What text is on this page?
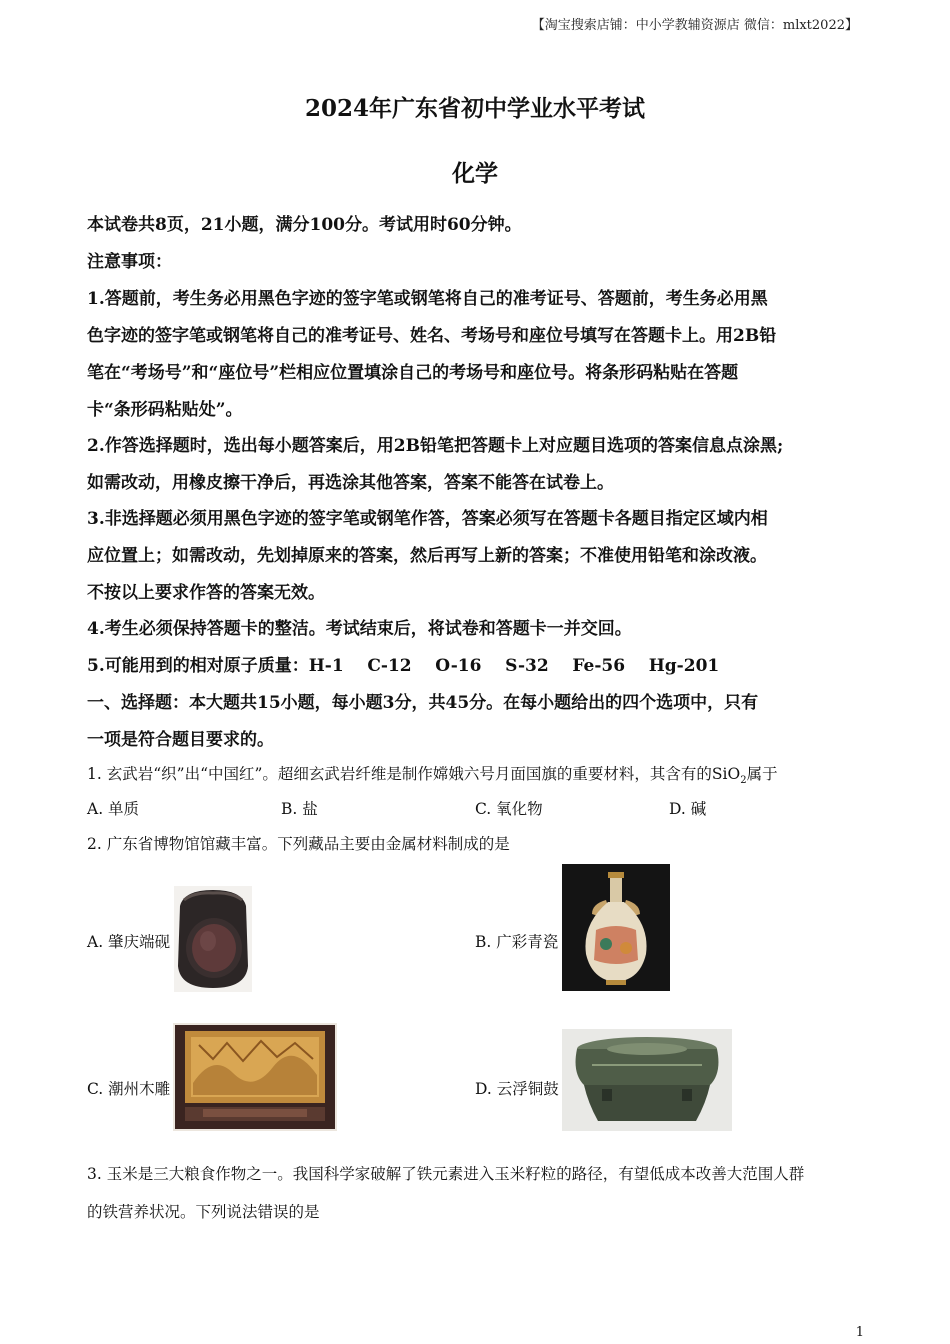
【淘宝搜索店铺：中小学教辅资源店 微信：mlxt2022】
2024年广东省初中学业水平考试
化学
本试卷共8页，21小题，满分100分。考试用时60分钟。
注意事项：
1.答题前，考生务必用黑色字迹的签字笔或钢笔将自己的准考证号、答题前，考生务必用黑
色字迹的签字笔或钢笔将自己的准考证号、姓名、考场号和座位号填写在答题卡上。用2B铅
笔在“考场号”和“座位号”栏相应位置填涂自己的考场号和座位号。将条形码粘贴在答题
卡“条形码粘贴处”。
2.作答选择题时，选出每小题答案后，用2B铅笔把答题卡上对应题目选项的答案信息点涂黑;
如需改动，用橡皮擦干净后，再选涂其他答案，答案不能答在试卷上。
3.非选择题必须用黑色字迹的签字笔或钢笔作答，答案必须写在答题卡各题目指定区域内相
应位置上；如需改动，先划掉原来的答案，然后再写上新的答案；不准使用铅笔和涂改液。
不按以上要求作答的答案无效。
4.考生必须保持答题卡的整洁。考试结束后，将试卷和答题卡一并交回。
5.可能用到的相对原子质量：H-1    C-12    O-16    S-32    Fe-56    Hg-201
一、选择题：本大题共15小题，每小题3分，共45分。在每小题给出的四个选项中，只有
一项是符合题目要求的。
1. 玄武岩“织”出“中国红”。超细玄武岩纤维是制作嫦娥六号月面国旗的重要材料，其含有的SiO$_2$属于
A. 单质	B. 盐	C. 氧化物	D. 碱
2. 广东省博物馆馆藏丰富。下列藏品主要由金属材料制成的是
A. 肇庆端砚	B. 广彩青瓷
C. 潮州木雕	D. 云浮铜鼓
3. 玉米是三大粮食作物之一。我国科学家破解了铁元素进入玉米籽粒的路径，有望低成本改善大范围人群
的铁营养状况。下列说法错误的是
1
